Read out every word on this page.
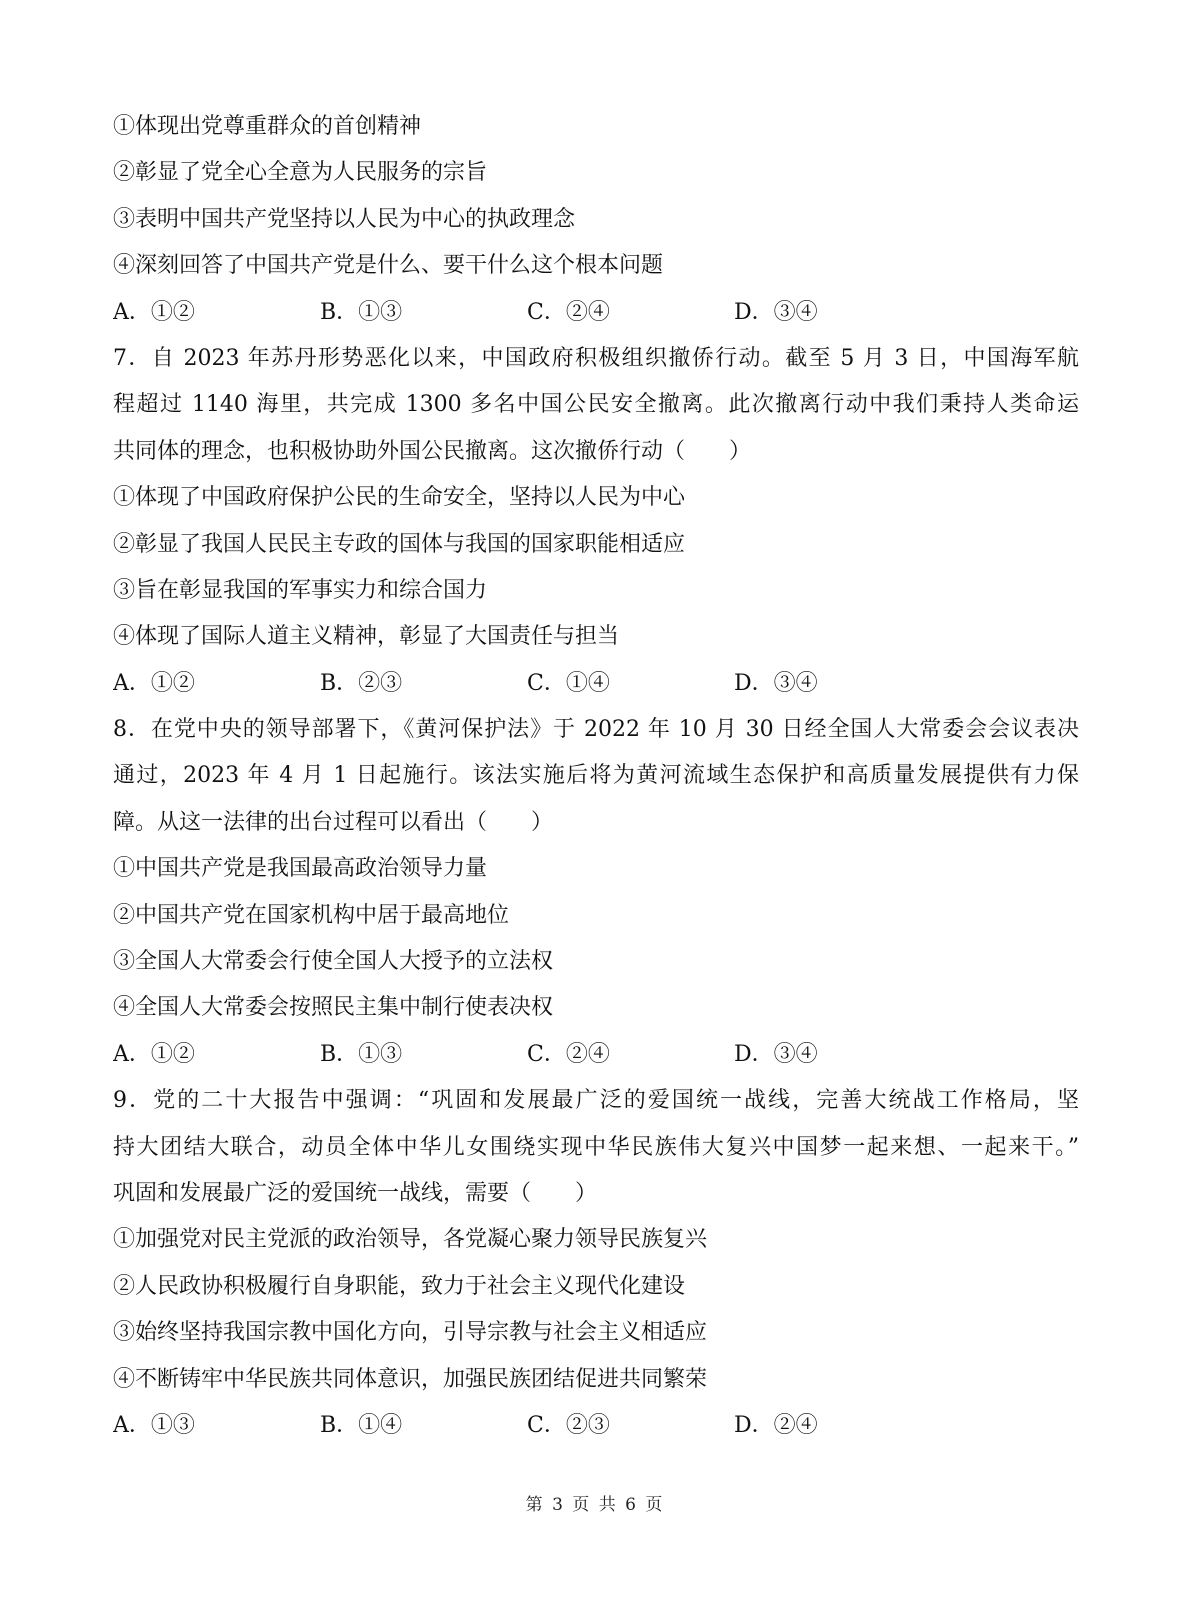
①体现出党尊重群众的首创精神
②彰显了党全心全意为人民服务的宗旨
③表明中国共产党坚持以人民为中心的执政理念
④深刻回答了中国共产党是什么、要干什么这个根本问题
A．①②	B．①③	C．②④	D．③④
7．自 2023 年苏丹形势恶化以来，中国政府积极组织撤侨行动。截至 5 月 3 日，中国海军航
程超过 1140 海里，共完成 1300 多名中国公民安全撤离。此次撤离行动中我们秉持人类命运
共同体的理念，也积极协助外国公民撤离。这次撤侨行动（　　）
①体现了中国政府保护公民的生命安全，坚持以人民为中心
②彰显了我国人民民主专政的国体与我国的国家职能相适应
③旨在彰显我国的军事实力和综合国力
④体现了国际人道主义精神，彰显了大国责任与担当
A．①②	B．②③	C．①④	D．③④
8．在党中央的领导部署下，《黄河保护法》于 2022 年 10 月 30 日经全国人大常委会会议表决
通过，2023 年 4 月 1 日起施行。该法实施后将为黄河流域生态保护和高质量发展提供有力保
障。从这一法律的出台过程可以看出（　　）
①中国共产党是我国最高政治领导力量
②中国共产党在国家机构中居于最高地位
③全国人大常委会行使全国人大授予的立法权
④全国人大常委会按照民主集中制行使表决权
A．①②	B．①③	C．②④	D．③④
9．党的二十大报告中强调：“巩固和发展最广泛的爱国统一战线，完善大统战工作格局，坚
持大团结大联合，动员全体中华儿女围绕实现中华民族伟大复兴中国梦一起来想、一起来干。”
巩固和发展最广泛的爱国统一战线，需要（　　）
①加强党对民主党派的政治领导，各党凝心聚力领导民族复兴
②人民政协积极履行自身职能，致力于社会主义现代化建设
③始终坚持我国宗教中国化方向，引导宗教与社会主义相适应
④不断铸牢中华民族共同体意识，加强民族团结促进共同繁荣
A．①③	B．①④	C．②③	D．②④
第 3 页 共 6 页
